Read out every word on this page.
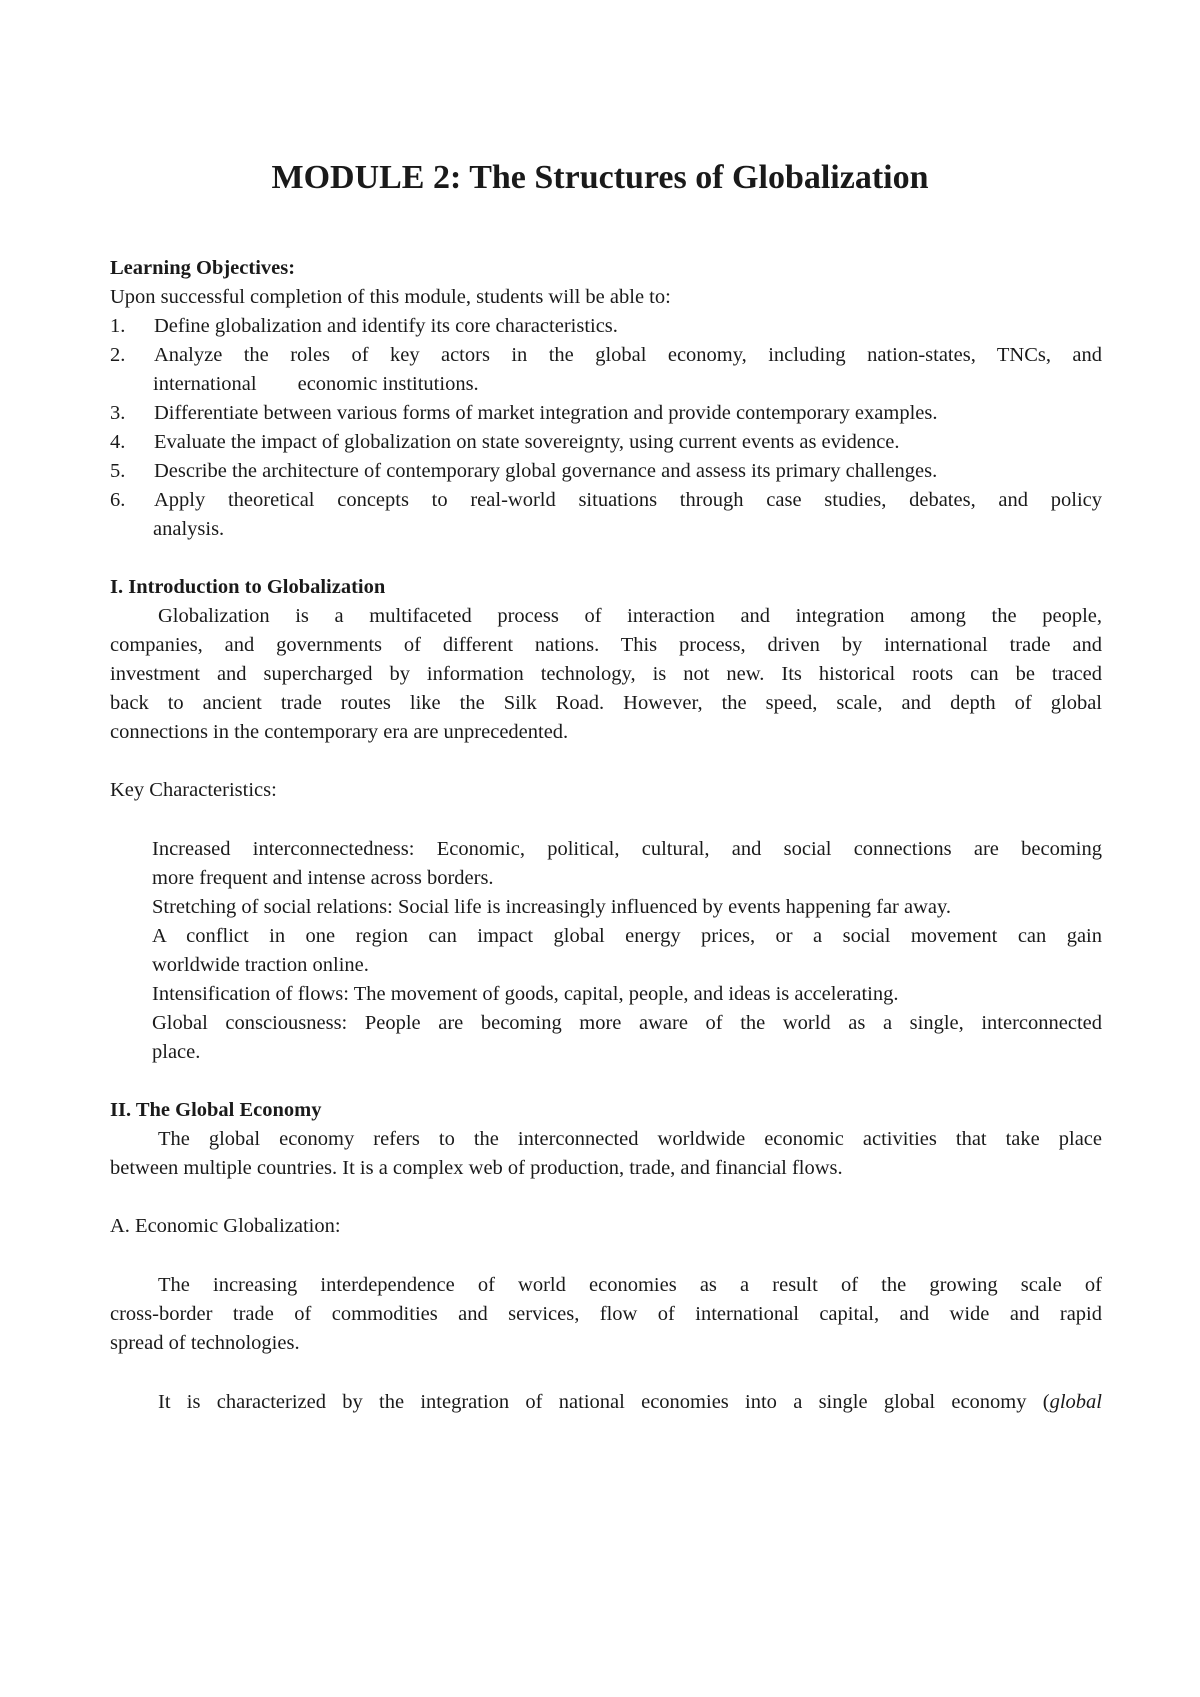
MODULE 2: The Structures of Globalization
Learning Objectives:
Upon successful completion of this module, students will be able to:
1. Define globalization and identify its core characteristics.
2. Analyze the roles of key actors in the global economy, including nation-states, TNCs, and
international        economic institutions.
3. Differentiate between various forms of market integration and provide contemporary examples.
4. Evaluate the impact of globalization on state sovereignty, using current events as evidence.
5. Describe the architecture of contemporary global governance and assess its primary challenges.
6. Apply theoretical concepts to real-world situations through case studies, debates, and policy
analysis.
I. Introduction to Globalization
Globalization is a multifaceted process of interaction and integration among the people,
companies, and governments of different nations. This process, driven by international trade and
investment and supercharged by information technology, is not new. Its historical roots can be traced
back to ancient trade routes like the Silk Road. However, the speed, scale, and depth of global
connections in the contemporary era are unprecedented.
Key Characteristics:
Increased interconnectedness: Economic, political, cultural, and social connections are becoming
more frequent and intense across borders.
Stretching of social relations: Social life is increasingly influenced by events happening far away.
A conflict in one region can impact global energy prices, or a social movement can gain
worldwide traction online.
Intensification of flows: The movement of goods, capital, people, and ideas is accelerating.
Global consciousness: People are becoming more aware of the world as a single, interconnected
place.
II. The Global Economy
The global economy refers to the interconnected worldwide economic activities that take place
between multiple countries. It is a complex web of production, trade, and financial flows.
A. Economic Globalization:
The increasing interdependence of world economies as a result of the growing scale of
cross-border trade of commodities and services, flow of international capital, and wide and rapid
spread of technologies.
It is characterized by the integration of national economies into a single global economy (global
